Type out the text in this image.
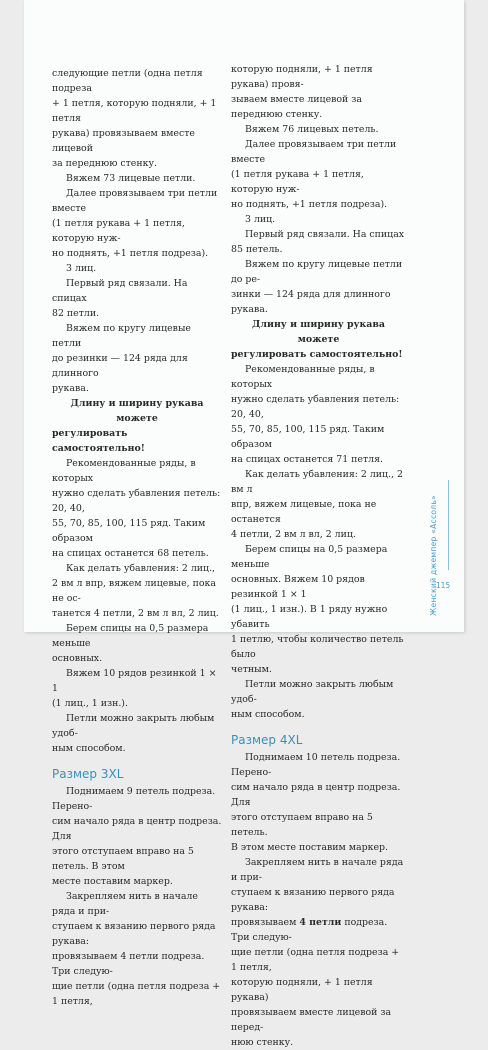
следующие петли (одна петля подреза

+ 1 петля, которую подняли, + 1 петля

рукава) провязываем вместе лицевой

за переднюю стенку.

Вяжем 73 лицевые петли.

Далее провязываем три петли вместе

(1 петля рукава + 1 петля, которую нуж-

но поднять, +1 петля подреза).

3 лиц.

Первый ряд связали. На спицах

82 петли.

Вяжем по кругу лицевые петли

до резинки — 124 ряда для длинного

рукава.

Длину и ширину рукава можете

регулировать самостоятельно!

Рекомендованные ряды, в которых

нужно сделать убавления петель: 20, 40,

55, 70, 85, 100, 115 ряд. Таким образом

на спицах останется 68 петель.

Как делать убавления: 2 лиц.,

2 вм л впр, вяжем лицевые, пока не ос-

танется 4 петли, 2 вм л вл, 2 лиц.

Берем спицы на 0,5 размера меньше

основных.

Вяжем 10 рядов резинкой 1 × 1

(1 лиц., 1 изн.).

Петли можно закрыть любым удоб-

ным способом.

Размер 3XL

Поднимаем 9 петель подреза. Перено-

сим начало ряда в центр подреза. Для

этого отступаем вправо на 5 петель. В этом

месте поставим маркер.

Закрепляем нить в начале ряда и при-

ступаем к вязанию первого ряда рукава:

провязываем 4 петли подреза. Три следую-

щие петли (одна петля подреза + 1 петля,

которую подняли, + 1 петля рукава) провя-

зываем вместе лицевой за переднюю стенку.

Вяжем 76 лицевых петель.

Далее провязываем три петли вместе

(1 петля рукава + 1 петля, которую нуж-

но поднять, +1 петля подреза).

3 лиц.

Первый ряд связали. На спицах

85 петель.

Вяжем по кругу лицевые петли до ре-

зинки — 124 ряда для длинного рукава.

Длину и ширину рукава можете

регулировать самостоятельно!

Рекомендованные ряды, в которых

нужно сделать убавления петель: 20, 40,

55, 70, 85, 100, 115 ряд. Таким образом

на спицах останется 71 петля.

Как делать убавления: 2 лиц., 2 вм л

впр, вяжем лицевые, пока не останется

4 петли, 2 вм л вл, 2 лиц.

Берем спицы на 0,5 размера меньше

основных. Вяжем 10 рядов резинкой 1 × 1

(1 лиц., 1 изн.). В 1 ряду нужно убавить

1 петлю, чтобы количество петель было

четным.

Петли можно закрыть любым удоб-

ным способом.

Размер 4XL

Поднимаем 10 петель подреза. Перено-

сим начало ряда в центр подреза. Для

этого отступаем вправо на 5 петель.

В этом месте поставим маркер.

Закрепляем нить в начале ряда и при-

ступаем к вязанию первого ряда рукава:

провязываем 4 петли подреза. Три следую-

щие петли (одна петля подреза + 1 петля,

которую подняли, + 1 петля рукава)

провязываем вместе лицевой за перед-

нюю стенку.

Женский джемпер «Ассоль»
115
